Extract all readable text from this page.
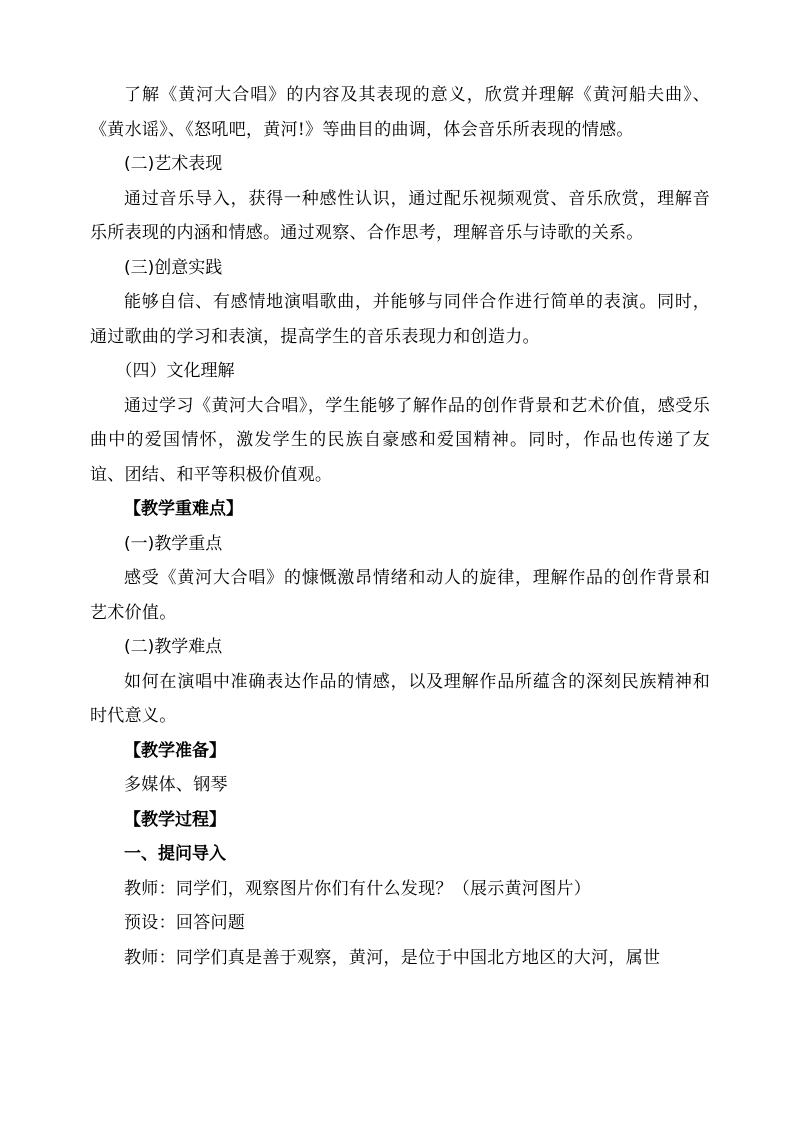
了解《黄河大合唱》的内容及其表现的意义，欣赏并理解《黄河船夫曲》、《黄水谣》、《怒吼吧，黄河!》等曲目的曲调，体会音乐所表现的情感。

(二)艺术表现

通过音乐导入，获得一种感性认识，通过配乐视频观赏、音乐欣赏，理解音乐所表现的内涵和情感。通过观察、合作思考，理解音乐与诗歌的关系。

(三)创意实践

能够自信、有感情地演唱歌曲，并能够与同伴合作进行简单的表演。同时，通过歌曲的学习和表演，提高学生的音乐表现力和创造力。

（四）文化理解

通过学习《黄河大合唱》，学生能够了解作品的创作背景和艺术价值，感受乐曲中的爱国情怀，激发学生的民族自豪感和爱国精神。同时，作品也传递了友谊、团结、和平等积极价值观。

【教学重难点】

(一)教学重点

感受《黄河大合唱》的慷慨激昂情绪和动人的旋律，理解作品的创作背景和艺术价值。

(二)教学难点

如何在演唱中准确表达作品的情感，以及理解作品所蕴含的深刻民族精神和时代意义。

【教学准备】

多媒体、钢琴

【教学过程】

一、提问导入

教师：同学们，观察图片你们有什么发现？（展示黄河图片）

预设：回答问题

教师：同学们真是善于观察，黄河，是位于中国北方地区的大河，属世
